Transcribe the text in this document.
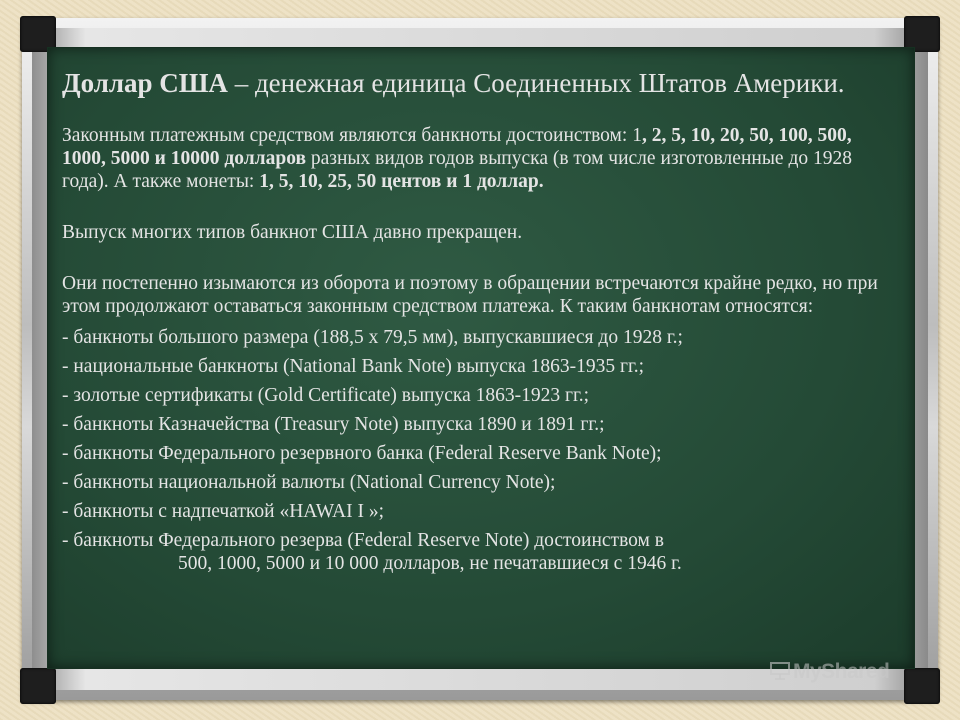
Доллар США – денежная единица Соединенных Штатов Америки.

Законным платежным средством являются банкноты достоинством: 1, 2, 5, 10, 20, 50, 100, 500, 1000, 5000 и 10000 долларов разных видов годов выпуска (в том числе изготовленные до 1928 года). А также монеты: 1, 5, 10, 25, 50 центов и 1 доллар.

Выпуск многих типов банкнот США давно прекращен.

Они постепенно изымаются из оборота и поэтому в обращении встречаются крайне редко, но при этом продолжают оставаться законным средством платежа. К таким банкнотам относятся:

- банкноты большого размера (188,5 х 79,5 мм), выпускавшиеся до 1928 г.;
- национальные банкноты (National Bank Note) выпуска 1863-1935 гг.;
- золотые сертификаты (Gold Certificate) выпуска 1863-1923 гг.;
- банкноты Казначейства (Treasury Note) выпуска 1890 и 1891 гг.;
- банкноты Федерального резервного банка (Federal Reserve Bank Note);
- банкноты национальной валюты (National Currency Note);
- банкноты с надпечаткой «HAWAI I »;
- банкноты Федерального резерва (Federal Reserve Note) достоинством в
500, 1000, 5000 и 10 000 долларов, не печатавшиеся с 1946 г.
MyShared
